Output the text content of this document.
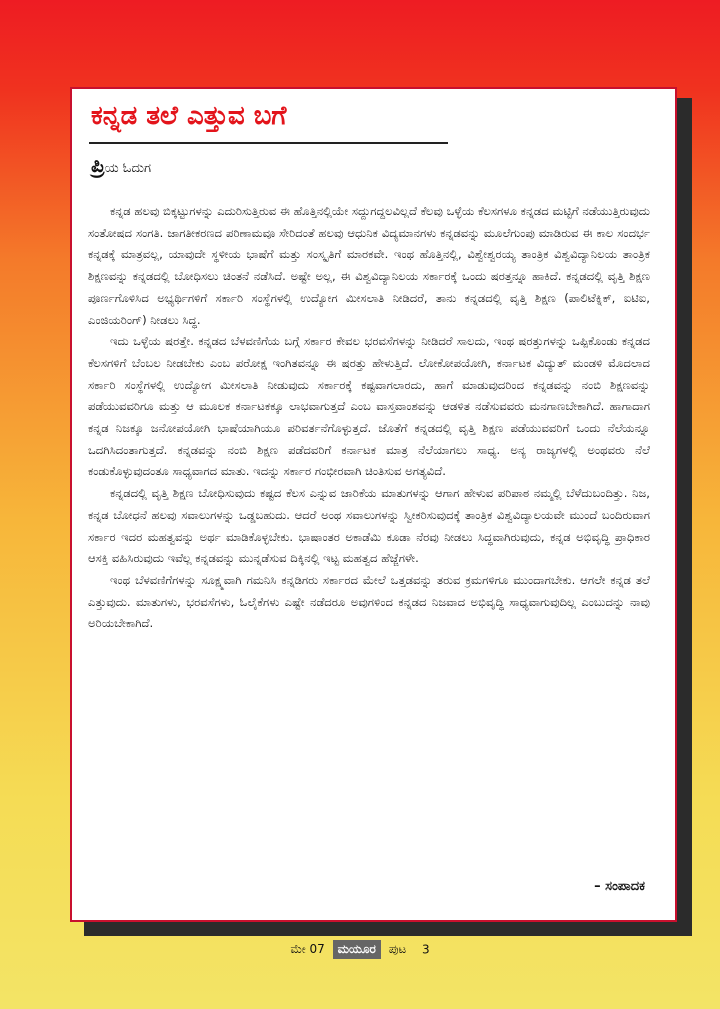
ಕನ್ನಡ ತಲೆ ಎತ್ತುವ ಬಗೆ
ಪ್ರಿಯ ಓದುಗ

ಕನ್ನಡ ಹಲವು ಬಿಕ್ಕಟ್ಟುಗಳನ್ನು ಎದುರಿಸುತ್ತಿರುವ ಈ ಹೊತ್ತಿನಲ್ಲಿಯೇ ಸದ್ದುಗದ್ದಲವಿಲ್ಲದೆ ಕೆಲವು ಒಳ್ಳೆಯ ಕೆಲಸಗಳೂ ಕನ್ನಡದ ಮಟ್ಟಿಗೆ ನಡೆಯುತ್ತಿರುವುದು ಸಂತೋಷದ ಸಂಗತಿ. ಜಾಗತೀಕರಣದ ಪರಿಣಾಮವೂ ಸೇರಿದಂತೆ ಹಲವು ಆಧುನಿಕ ವಿದ್ಯಮಾನಗಳು ಕನ್ನಡವನ್ನು ಮೂಲೆಗುಂಪು ಮಾಡಿರುವ ಈ ಕಾಲ ಸಂದರ್ಭ ಕನ್ನಡಕ್ಕೆ ಮಾತ್ರವಲ್ಲ, ಯಾವುದೇ ಸ್ಥಳೀಯ ಭಾಷೆಗೆ ಮತ್ತು ಸಂಸ್ಕೃತಿಗೆ ಮಾರಕವೇ. ಇಂಥ ಹೊತ್ತಿನಲ್ಲಿ, ವಿಶ್ವೇಶ್ವರಯ್ಯ ತಾಂತ್ರಿಕ ವಿಶ್ವವಿದ್ಯಾನಿಲಯ ತಾಂತ್ರಿಕ ಶಿಕ್ಷಣವನ್ನು ಕನ್ನಡದಲ್ಲಿ ಬೋಧಿಸಲು ಚಿಂತನೆ ನಡೆಸಿದೆ. ಅಷ್ಟೇ ಅಲ್ಲ, ಈ ವಿಶ್ವವಿದ್ಯಾನಿಲಯ ಸರ್ಕಾರಕ್ಕೆ ಒಂದು ಷರತ್ತನ್ನೂ ಹಾಕಿದೆ. ಕನ್ನಡದಲ್ಲಿ ವೃತ್ತಿ ಶಿಕ್ಷಣ ಪೂರ್ಣಗೊಳಿಸಿದ ಅಭ್ಯರ್ಥಿಗಳಿಗೆ ಸರ್ಕಾರಿ ಸಂಸ್ಥೆಗಳಲ್ಲಿ ಉದ್ಯೋಗ ಮೀಸಲಾತಿ ನೀಡಿದರೆ, ತಾನು ಕನ್ನಡದಲ್ಲಿ ವೃತ್ತಿ ಶಿಕ್ಷಣ (ಪಾಲಿಟೆಕ್ನಿಕ್, ಐಟಿಐ, ಎಂಜಿಯರಿಂಗ್) ನೀಡಲು ಸಿದ್ಧ.

ಇದು ಒಳ್ಳೆಯ ಷರತ್ತೇ. ಕನ್ನಡದ ಬೆಳವಣಿಗೆಯ ಬಗ್ಗೆ ಸರ್ಕಾರ ಕೇವಲ ಭರವಸೆಗಳನ್ನು ನೀಡಿದರೆ ಸಾಲದು, ಇಂಥ ಷರತ್ತುಗಳನ್ನು ಒಪ್ಪಿಕೊಂಡು ಕನ್ನಡದ ಕೆಲಸಗಳಿಗೆ ಬೆಂಬಲ ನೀಡಬೇಕು ಎಂಬ ಪರೋಕ್ಷ ಇಂಗಿತವನ್ನೂ ಈ ಷರತ್ತು ಹೇಳುತ್ತಿದೆ. ಲೋಕೋಪಯೋಗಿ, ಕರ್ನಾಟಕ ವಿದ್ಯುತ್ ಮಂಡಳಿ ಮೊದಲಾದ ಸರ್ಕಾರಿ ಸಂಸ್ಥೆಗಳಲ್ಲಿ ಉದ್ಯೋಗ ಮೀಸಲಾತಿ ನೀಡುವುದು ಸರ್ಕಾರಕ್ಕೆ ಕಷ್ಟವಾಗಲಾರದು, ಹಾಗೆ ಮಾಡುವುದರಿಂದ ಕನ್ನಡವನ್ನು ನಂಬಿ ಶಿಕ್ಷಣವನ್ನು ಪಡೆಯುವವರಿಗೂ ಮತ್ತು ಆ ಮೂಲಕ ಕರ್ನಾಟಕಕ್ಕೂ ಲಾಭವಾಗುತ್ತದೆ ಎಂಬ ವಾಸ್ತವಾಂಶವನ್ನು ಆಡಳಿತ ನಡೆಸುವವರು ಮನಗಾಣಬೇಕಾಗಿದೆ. ಹಾಗಾದಾಗ ಕನ್ನಡ ನಿಜಕ್ಕೂ ಜನೋಪಯೋಗಿ ಭಾಷೆಯಾಗಿಯೂ ಪರಿವರ್ತನೆಗೊಳ್ಳುತ್ತದೆ. ಜೊತೆಗೆ ಕನ್ನಡದಲ್ಲಿ ವೃತ್ತಿ ಶಿಕ್ಷಣ ಪಡೆಯುವವರಿಗೆ ಒಂದು ನೆಲೆಯನ್ನೂ ಒದಗಿಸಿದಂತಾಗುತ್ತದೆ. ಕನ್ನಡವನ್ನು ನಂಬಿ ಶಿಕ್ಷಣ ಪಡೆದವರಿಗೆ ಕರ್ನಾಟಕ ಮಾತ್ರ ನೆಲೆಯಾಗಲು ಸಾಧ್ಯ. ಅನ್ಯ ರಾಜ್ಯಗಳಲ್ಲಿ ಅಂಥವರು ನೆಲೆ ಕಂಡುಕೊಳ್ಳುವುದಂತೂ ಸಾಧ್ಯವಾಗದ ಮಾತು. ಇದನ್ನು ಸರ್ಕಾರ ಗಂಭೀರವಾಗಿ ಚಿಂತಿಸುವ ಅಗತ್ಯವಿದೆ.

ಕನ್ನಡದಲ್ಲಿ ವೃತ್ತಿ ಶಿಕ್ಷಣ ಬೋಧಿಸುವುದು ಕಷ್ಟದ ಕೆಲಸ ಎನ್ನುವ ಜಾರಿಕೆಯ ಮಾತುಗಳನ್ನು ಆಗಾಗ ಹೇಳುವ ಪರಿಪಾಠ ನಮ್ಮಲ್ಲಿ ಬೆಳೆದುಬಂದಿತ್ತು. ನಿಜ, ಕನ್ನಡ ಬೋಧನೆ ಹಲವು ಸವಾಲುಗಳನ್ನು ಒಡ್ಡಬಹುದು. ಆದರೆ ಅಂಥ ಸವಾಲುಗಳನ್ನು ಸ್ವೀಕರಿಸುವುದಕ್ಕೆ ತಾಂತ್ರಿಕ ವಿಶ್ವವಿದ್ಯಾಲಯವೇ ಮುಂದೆ ಬಂದಿರುವಾಗ ಸರ್ಕಾರ ಇದರ ಮಹತ್ವವನ್ನು ಅರ್ಥ ಮಾಡಿಕೊಳ್ಳಬೇಕು. ಭಾಷಾಂತರ ಅಕಾಡೆಮಿ ಕೂಡಾ ನೆರವು ನೀಡಲು ಸಿದ್ಧವಾಗಿರುವುದು, ಕನ್ನಡ ಅಭಿವೃದ್ಧಿ ಪ್ರಾಧಿಕಾರ ಆಸಕ್ತಿ ವಹಿಸಿರುವುದು ಇವೆಲ್ಲ ಕನ್ನಡವನ್ನು ಮುನ್ನಡೆಸುವ ದಿಕ್ಕಿನಲ್ಲಿ ಇಟ್ಟ ಮಹತ್ವದ ಹೆಜ್ಜೆಗಳೇ.

ಇಂಥ ಬೆಳವಣಿಗೆಗಳನ್ನು ಸೂಕ್ಷ್ಮವಾಗಿ ಗಮನಿಸಿ ಕನ್ನಡಿಗರು ಸರ್ಕಾರದ ಮೇಲೆ ಒತ್ತಡವನ್ನು ತರುವ ಕ್ರಮಗಳಿಗೂ ಮುಂದಾಗಬೇಕು. ಆಗಲೇ ಕನ್ನಡ ತಲೆ ಎತ್ತುವುದು. ಮಾತುಗಳು, ಭರವಸೆಗಳು, ಓಲೈಕೆಗಳು ಎಷ್ಟೇ ನಡೆದರೂ ಅವುಗಳಿಂದ ಕನ್ನಡದ ನಿಜವಾದ ಅಭಿವೃದ್ಧಿ ಸಾಧ್ಯವಾಗುವುದಿಲ್ಲ ಎಂಬುದನ್ನು ನಾವು ಅರಿಯಬೇಕಾಗಿದೆ.

– ಸಂಪಾದಕ
ಮೇ 07 ಮಯೂರ ಪುಟ 3
